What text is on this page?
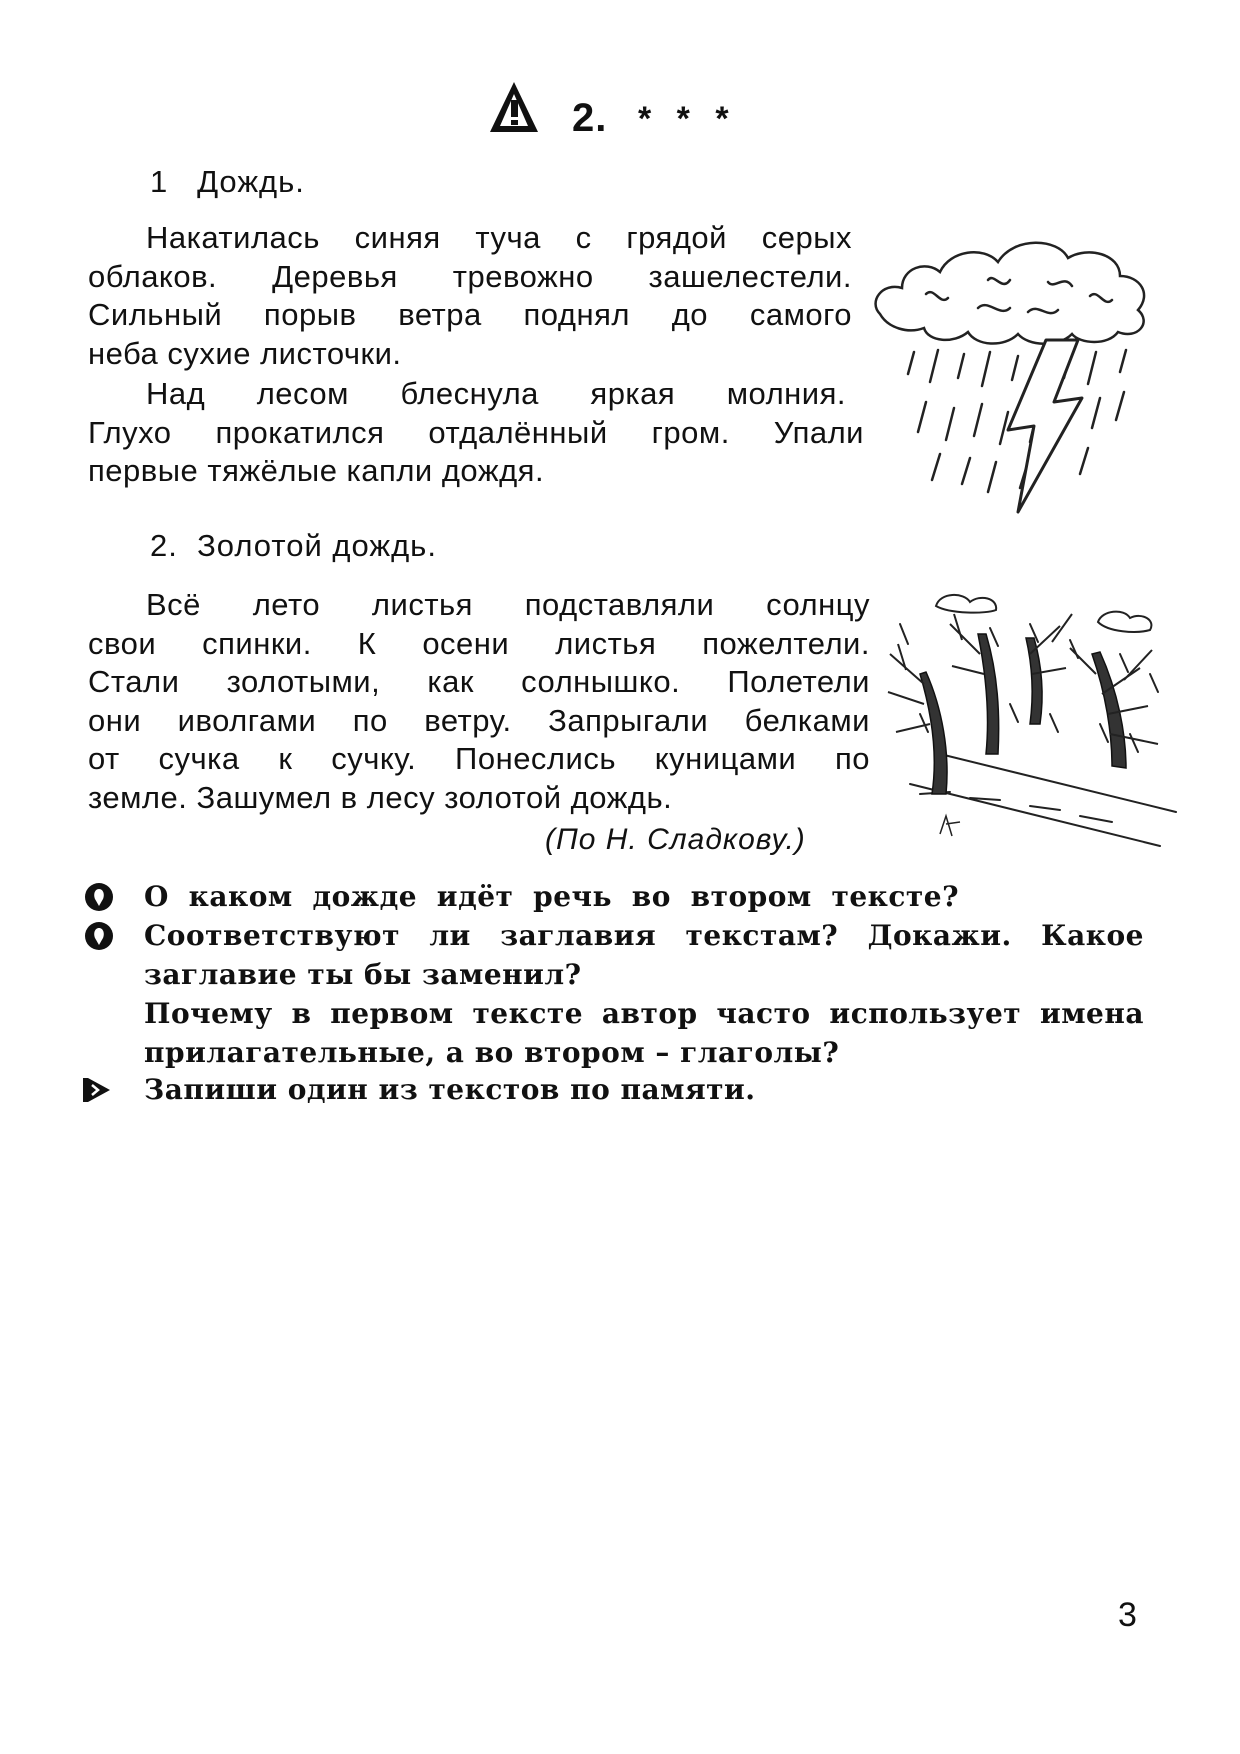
2. * * *
1   Дождь.
Накатилась синяя туча с грядой серых
облаков. Деревья тревожно зашелестели.
Сильный порыв ветра поднял до самого
неба сухие листочки.
Над лесом блеснула яркая молния.
Глухо прокатился отдалённый гром. Упали
первые тяжёлые капли дождя.
2.  Золотой дождь.
Всё лето листья подставляли солнцу
свои спинки. К осени листья пожелтели.
Стали золотыми, как солнышко. Полетели
они иволгами по ветру. Запрыгали белками
от сучка к сучку. Понеслись куницами по
земле. Зашумел в лесу золотой дождь.
(По Н. Сладкову.)
О каком дожде идёт речь во втором тексте?
Соответствуют ли заглавия текстам? Докажи. Какое
заглавие ты бы заменил?
Почему в первом тексте автор часто использует имена
прилагательные, а во втором – глаголы?
Запиши один из текстов по памяти.
3
